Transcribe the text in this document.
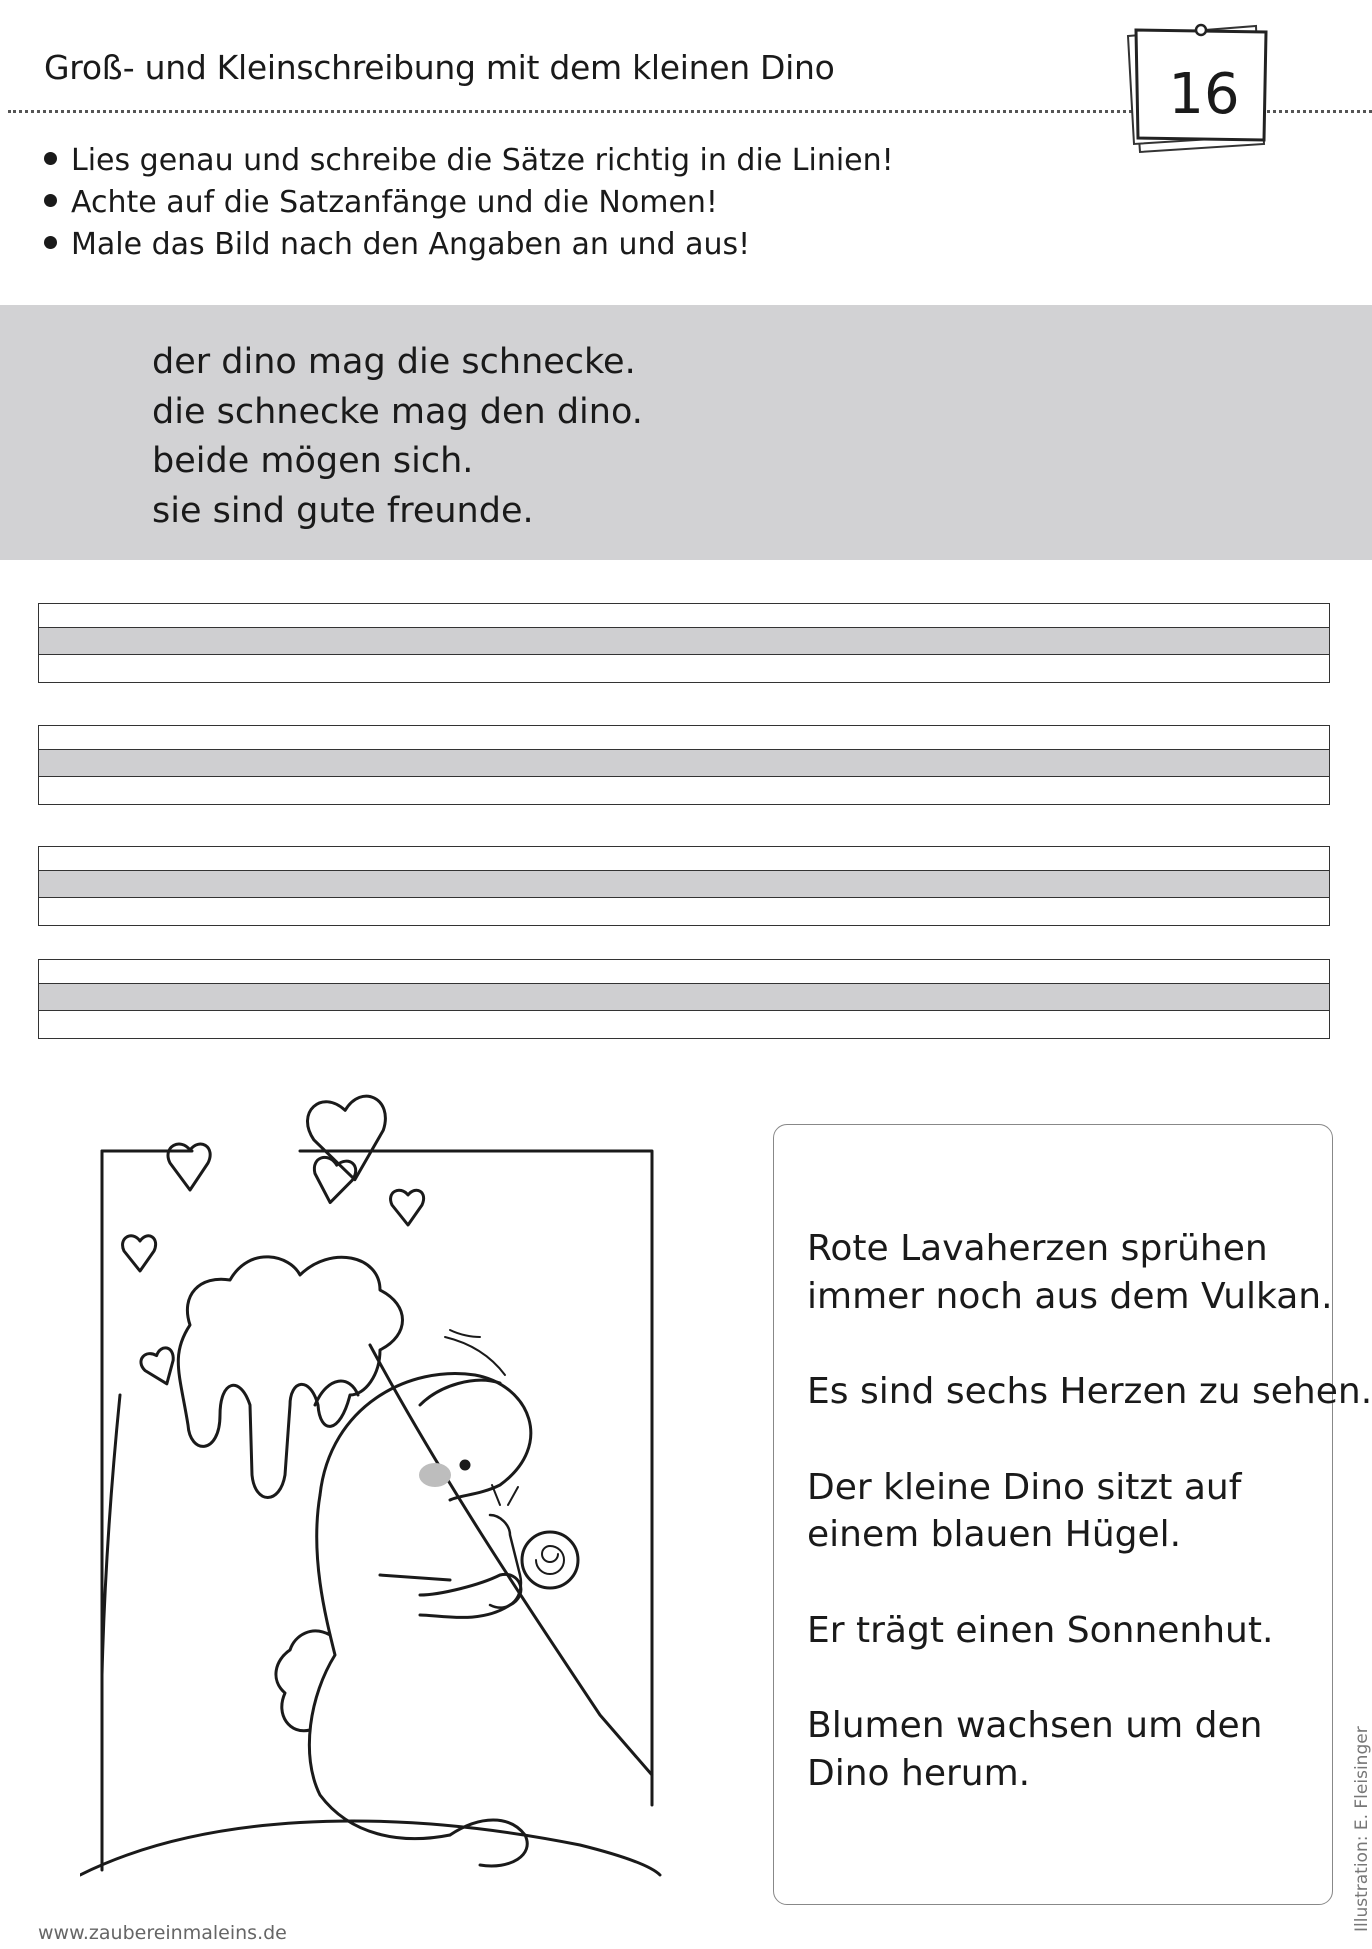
Groß- und Kleinschreibung mit dem kleinen Dino	16
Lies genau und schreibe die Sätze richtig in die Linien!
Achte auf die Satzanfänge und die Nomen!
Male das Bild nach den Angaben an und aus!
der dino mag die schnecke.
die schnecke mag den dino.
beide mögen sich.
sie sind gute freunde.

Rote Lavaherzen sprühen

immer noch aus dem Vulkan.

Es sind sechs Herzen zu sehen.

Der kleine Dino sitzt auf

einem blauen Hügel.

Er trägt einen Sonnenhut.

Blumen wachsen um den

Dino herum.	Illustration: E. Fleisinger
www.zaubereinmaleins.de
